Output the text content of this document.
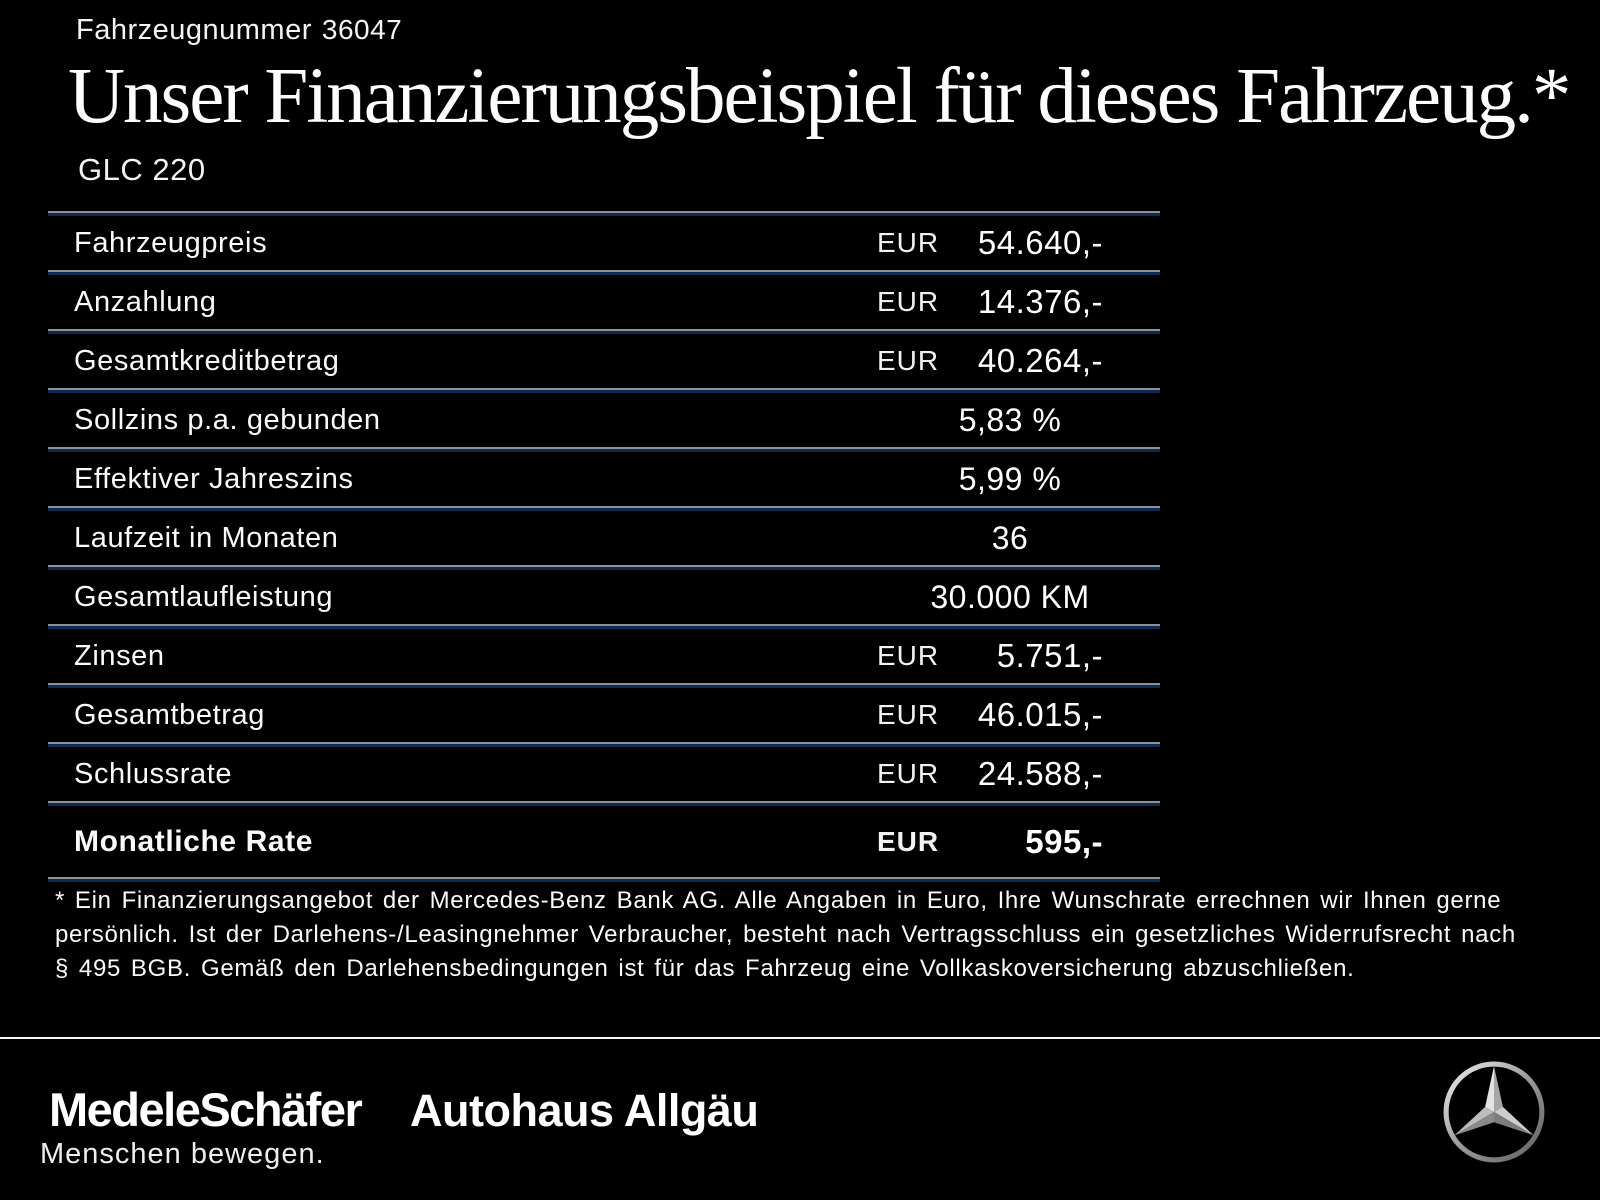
Fahrzeugnummer 36047
Unser Finanzierungsbeispiel für dieses Fahrzeug.*
GLC 220
Fahrzeugpreis	EUR 54.640,-
Anzahlung	EUR 14.376,-
Gesamtkreditbetrag	EUR 40.264,-
Sollzins p.a. gebunden	5,83 %
Effektiver Jahreszins	5,99 %
Laufzeit in Monaten	36
Gesamtlaufleistung	30.000 KM
Zinsen	EUR 5.751,-
Gesamtbetrag	EUR 46.015,-
Schlussrate	EUR 24.588,-
Monatliche Rate	EUR	595,-
* Ein Finanzierungsangebot der Mercedes-Benz Bank AG. Alle Angaben in Euro, Ihre Wunschrate errechnen wir Ihnen gerne
persönlich. Ist der Darlehens-/Leasingnehmer Verbraucher, besteht nach Vertragsschluss ein gesetzliches Widerrufsrecht nach
§ 495 BGB. Gemäß den Darlehensbedingungen ist für das Fahrzeug eine Vollkaskoversicherung abzuschließen.
MedeleSchäfer Autohaus Allgäu
Menschen bewegen.
